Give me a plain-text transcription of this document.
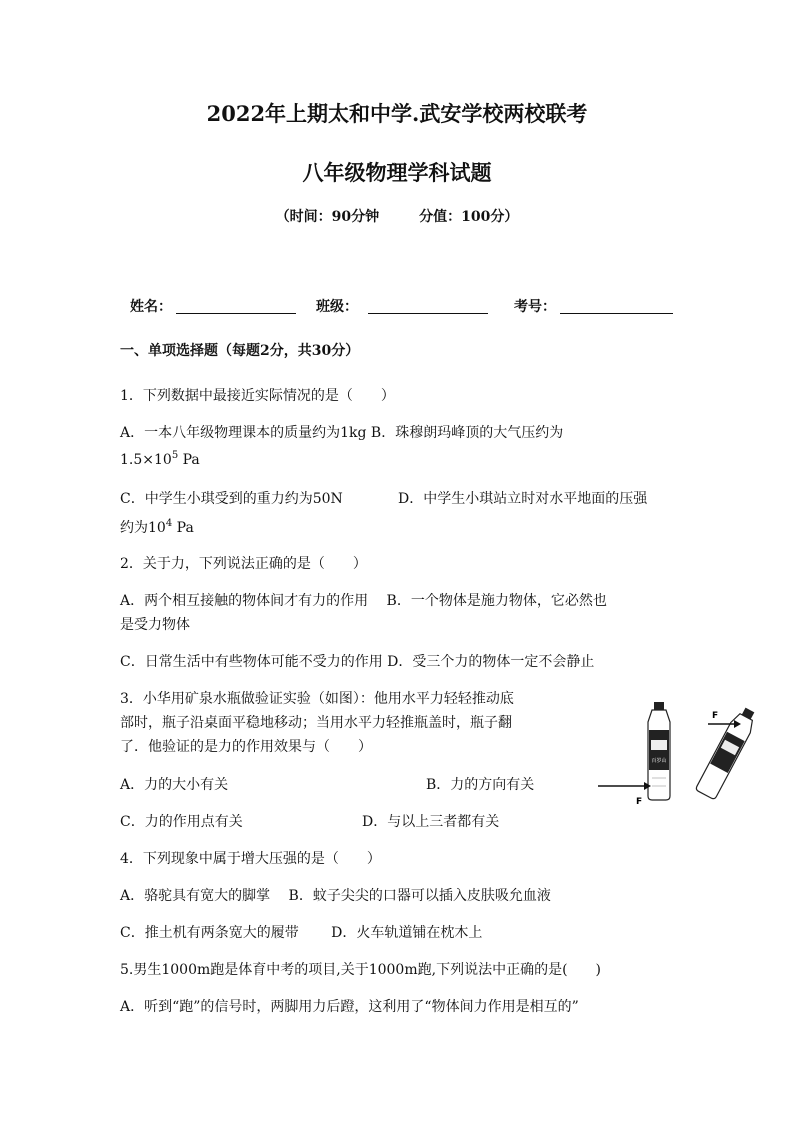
2022年上期太和中学.武安学校两校联考
八年级物理学科试题
（时间：90分钟	分值：100分）
姓名：	班级：	考号：
一、单项选择题（每题2分，共30分）
1．下列数据中最接近实际情况的是（　　）
A．一本八年级物理课本的质量约为1kg B．珠穆朗玛峰顶的大气压约为
$1.5\times 10^5$ Pa
C．中学生小琪受到的重力约为50N	D．中学生小琪站立时对水平地面的压强
约为$10^4$ Pa
2．关于力，下列说法正确的是（　　）
A．两个相互接触的物体间才有力的作用　 B．一个物体是施力物体，它必然也
是受力物体
C．日常生活中有些物体可能不受力的作用 D．受三个力的物体一定不会静止
3．小华用矿泉水瓶做验证实验（如图）：他用水平力轻轻推动底
部时，瓶子沿桌面平稳地移动；当用水平力轻推瓶盖时，瓶子翻
了．他验证的是力的作用效果与（　　）
A．力的大小有关	B．力的方向有关
C．力的作用点有关	D．与以上三者都有关
百岁山
F
F
4．下列现象中属于增大压强的是（　　）
A．骆驼具有宽大的脚掌　 B．蚊子尖尖的口器可以插入皮肤吸允血液
C．推土机有两条宽大的履带　　 D．火车轨道铺在枕木上
5.男生1000m跑是体育中考的项目,关于1000m跑,下列说法中正确的是(　　)
A．听到“跑”的信号时，两脚用力后蹬，这利用了“物体间力作用是相互的”
